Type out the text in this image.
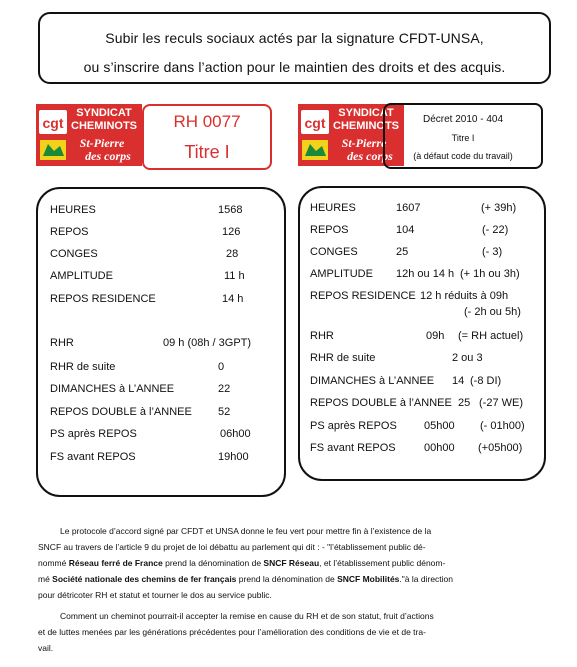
Subir les reculs sociaux actés par la signature CFDT-UNSA,
ou s’inscrire dans l’action pour le maintien des droits et des acquis.
cgt
SYNDICAT
CHEMINOTS
St-Pierre
des corps
RH 0077
Titre I
cgt
SYNDICAT
CHEMINOTS
St-Pierre
des corps
Décret 2010 - 404
Titre I
(à défaut code du travail)
HEURES	1568
REPOS	126
CONGES	28
AMPLITUDE	11 h
REPOS RESIDENCE	14 h
RHR	09 h (08h / 3GPT)
RHR de suite	0
DIMANCHES à L’ANNEE	22
REPOS DOUBLE à l’ANNEE 52
PS après REPOS	06h00
FS avant REPOS	19h00
HEURES	1607	(+ 39h)
REPOS	104	(- 22)
CONGES	25	(- 3)
AMPLITUDE 12h ou 14 h (+ 1h ou 3h)
REPOS RESIDENCE 12 h réduits à 09h
(- 2h ou 5h)
RHR	09h (= RH actuel)
RHR de suite	2 ou 3
DIMANCHES à L’ANNEE 14 (-8 DI)
REPOS DOUBLE à l’ANNEE 25 (-27 WE)
PS après REPOS 05h00 (- 01h00)
FS avant REPOS	00h00 (+05h00)
Le protocole d’accord signé par CFDT et UNSA donne le feu vert pour mettre fin à l’existence de la
SNCF au travers de l’article 9 du projet de loi débattu au parlement qui dit : - "l’établissement public dé-
nommé Réseau ferré de France prend la dénomination de SNCF Réseau, et l’établissement public dénom-
mé Société nationale des chemins de fer français prend la dénomination de SNCF Mobilités."à la direction
pour détricoter RH et statut et tourner le dos au service public.
Comment un cheminot pourrait-il accepter la remise en cause du RH et de son statut, fruit d’actions
et de luttes menées par les générations précédentes pour l’amélioration des conditions de vie et de tra-
vail.
